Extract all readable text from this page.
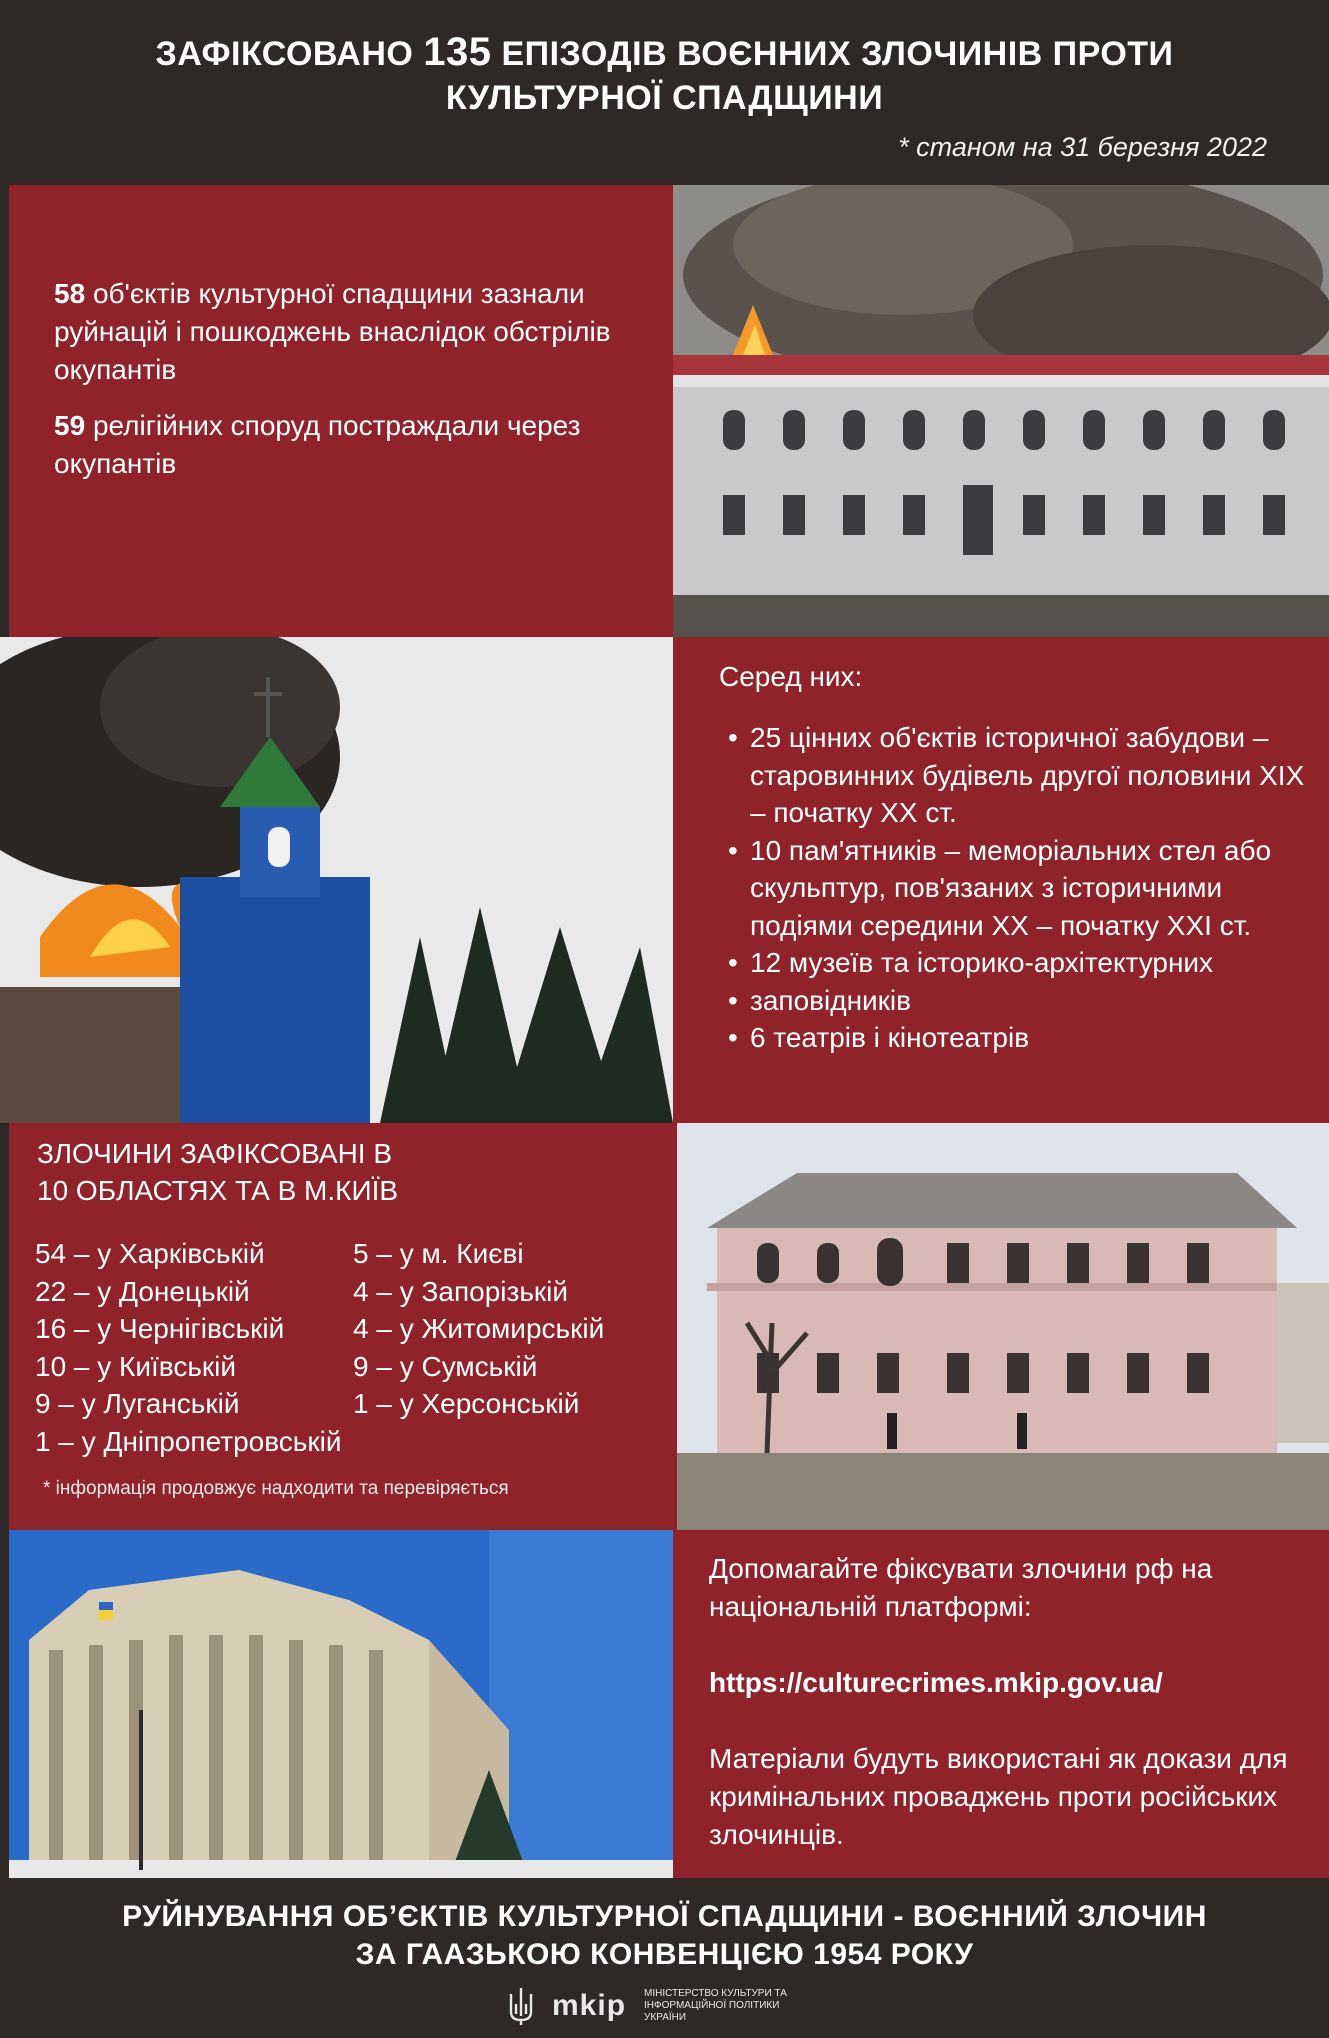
ЗАФІКСОВАНО 135 ЕПІЗОДІВ ВОЄННИХ ЗЛОЧИНІВ ПРОТИ
КУЛЬТУРНОЇ СПАДЩИНИ
* станом на 31 березня 2022
58 об'єктів культурної спадщини зазнали руйнацій і пошкоджень внаслідок обстрілів окупантів
59 релігійних споруд постраждали через окупантів
Серед них:
• 25 цінних об'єктів історичної забудови – старовинних будівель другої половини XIX – початку XX ст.
• 10 пам'ятників – меморіальних стел або скульптур, пов'язаних з історичними подіями середини XX – початку XXI ст.
• 12 музеїв та історико-архітектурних
• заповідників
• 6 театрів і кінотеатрів
ЗЛОЧИНИ ЗАФІКСОВАНІ В
10 ОБЛАСТЯХ ТА В М.КИЇВ
54 – у Харківській
22 – у Донецькій
16 – у Чернігівській
10 – у Київській
9 – у Луганській
1 – у Дніпропетровській
5 – у м. Києві
4 – у Запорізькій
4 – у Житомирській
9 – у Сумській
1 – у Херсонській
* інформація продовжує надходити та перевіряється
Допомагайте фіксувати злочини рф на національній платформі:
https://culturecrimes.mkip.gov.ua/
Матеріали будуть використані як докази для кримінальних проваджень проти російських злочинців.
РУЙНУВАННЯ ОБ’ЄКТІВ КУЛЬТУРНОЇ СПАДЩИНИ - ВОЄННИЙ ЗЛОЧИН
ЗА ГААЗЬКОЮ КОНВЕНЦІЄЮ 1954 РОКУ
mkip МІНІСТЕРСТВО КУЛЬТУРИ ТА
ІНФОРМАЦІЙНОЇ ПОЛІТИКИ УКРАЇНИ
